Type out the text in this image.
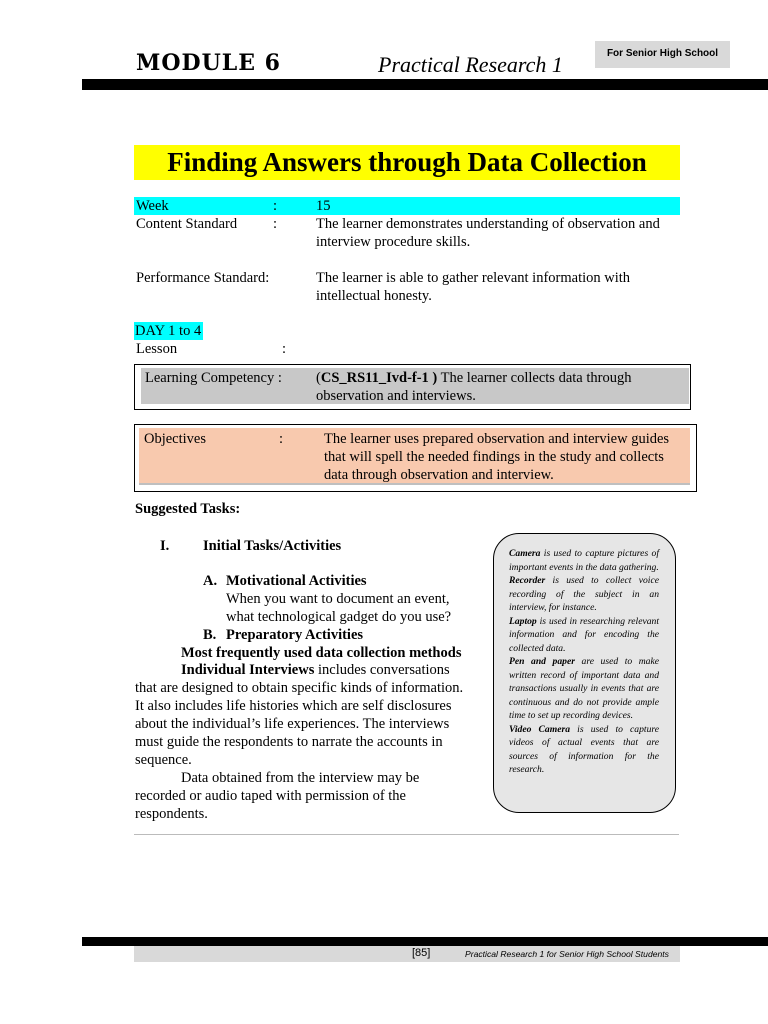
MODULE 6	Practical Research 1	For Senior High School
Finding Answers through Data Collection
Week	:	15
Content Standard :	The learner demonstrates understanding of observation and
interview procedure skills.
Performance Standard:	The learner is able to gather relevant information with
intellectual honesty.
DAY 1 to 4
Lesson	:
Learning Competency : (CS_RS11_Ivd-f-1 ) The learner collects data through
observation and interviews.
Objectives	:	The learner uses prepared observation and interview guides
that will spell the needed findings in the study and collects
data through observation and interview.
Suggested Tasks:
I. Initial Tasks/Activities
A. Motivational Activities
When you want to document an event,
what technological gadget do you use?
B. Preparatory Activities
Most frequently used data collection methods
Individual Interviews includes conversations
that are designed to obtain specific kinds of information.
It also includes life histories which are self disclosures
about the individual’s life experiences. The interviews
must guide the respondents to narrate the accounts in
sequence.
Data obtained from the interview may be
recorded or audio taped with permission of the
respondents.
Camera is used to capture pictures of important events in the data gathering.
Recorder is used to collect voice recording of the subject in an interview, for instance.
Laptop is used in researching relevant information and for encoding the collected data.
Pen and paper are used to make written record of important data and transactions usually in events that are continuous and do not provide ample time to set up recording devices.
Video Camera is used to capture videos of actual events that are sources of information for the research.
[85]	Practical Research 1 for Senior High School Students
